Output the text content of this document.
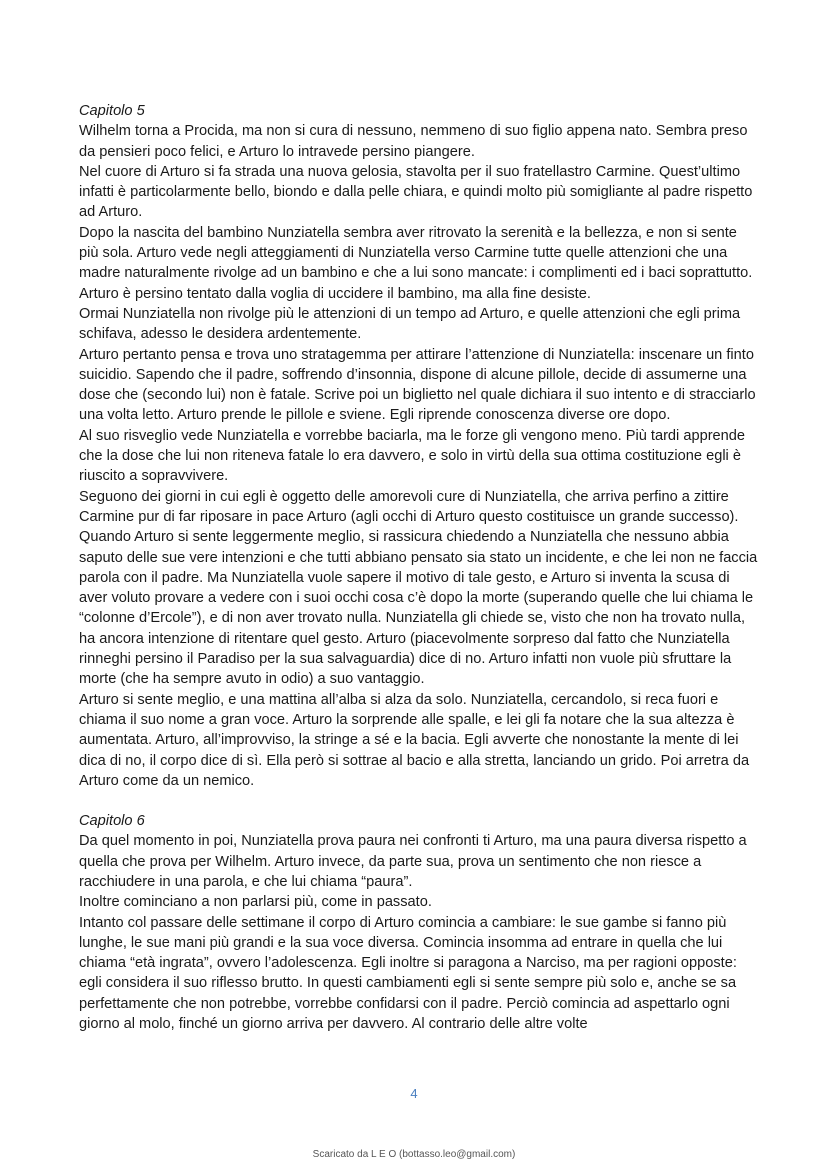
Capitolo 5

Wilhelm torna a Procida, ma non si cura di nessuno, nemmeno di suo figlio appena nato. Sembra preso da pensieri poco felici, e Arturo lo intravede persino piangere.

Nel cuore di Arturo si fa strada una nuova gelosia, stavolta per il suo fratellastro Carmine. Quest’ultimo infatti è particolarmente bello, biondo e dalla pelle chiara, e quindi molto più somigliante al padre rispetto ad Arturo.

Dopo la nascita del bambino Nunziatella sembra aver ritrovato la serenità e la bellezza, e non si sente più sola. Arturo vede negli atteggiamenti di Nunziatella verso Carmine tutte quelle attenzioni che una madre naturalmente rivolge ad un bambino e che a lui sono mancate: i complimenti ed i baci soprattutto. Arturo è persino tentato dalla voglia di uccidere il bambino, ma alla fine desiste.

Ormai Nunziatella non rivolge più le attenzioni di un tempo ad Arturo, e quelle attenzioni che egli prima schifava, adesso le desidera ardentemente.

Arturo pertanto pensa e trova uno stratagemma per attirare l’attenzione di Nunziatella: inscenare un finto suicidio. Sapendo che il padre, soffrendo d’insonnia, dispone di alcune pillole, decide di assumerne una dose che (secondo lui) non è fatale. Scrive poi un biglietto nel quale dichiara il suo intento e di stracciarlo una volta letto. Arturo prende le pillole e sviene. Egli riprende conoscenza diverse ore dopo.

Al suo risveglio vede Nunziatella e vorrebbe baciarla, ma le forze gli vengono meno. Più tardi apprende che la dose che lui non riteneva fatale lo era davvero, e solo in virtù della sua ottima costituzione egli è riuscito a sopravvivere.

Seguono dei giorni in cui egli è oggetto delle amorevoli cure di Nunziatella, che arriva perfino a zittire Carmine pur di far riposare in pace Arturo (agli occhi di Arturo questo costituisce un grande successo).

Quando Arturo si sente leggermente meglio, si rassicura chiedendo a Nunziatella che nessuno abbia saputo delle sue vere intenzioni e che tutti abbiano pensato sia stato un incidente, e che lei non ne faccia parola con il padre. Ma Nunziatella vuole sapere il motivo di tale gesto, e Arturo si inventa la scusa di aver voluto provare a vedere con i suoi occhi cosa c’è dopo la morte (superando quelle che lui chiama le “colonne d’Ercole”), e di non aver trovato nulla. Nunziatella gli chiede se, visto che non ha trovato nulla, ha ancora intenzione di ritentare quel gesto. Arturo (piacevolmente sorpreso dal fatto che Nunziatella rinneghi persino il Paradiso per la sua salvaguardia) dice di no. Arturo infatti non vuole più sfruttare la morte (che ha sempre avuto in odio) a suo vantaggio.

Arturo si sente meglio, e una mattina all’alba si alza da solo. Nunziatella, cercandolo, si reca fuori e chiama il suo nome a gran voce. Arturo la sorprende alle spalle, e lei gli fa notare che la sua altezza è aumentata. Arturo, all’improvviso, la stringe a sé e la bacia. Egli avverte che nonostante la mente di lei dica di no, il corpo dice di sì. Ella però si sottrae al bacio e alla stretta, lanciando un grido. Poi arretra da Arturo come da un nemico.

Capitolo 6

Da quel momento in poi, Nunziatella prova paura nei confronti ti Arturo, ma una paura diversa rispetto a quella che prova per Wilhelm. Arturo invece, da parte sua, prova un sentimento che non riesce a racchiudere in una parola, e che lui chiama “paura”.

Inoltre cominciano a non parlarsi più, come in passato.

Intanto col passare delle settimane il corpo di Arturo comincia a cambiare: le sue gambe si fanno più lunghe, le sue mani più grandi e la sua voce diversa. Comincia insomma ad entrare in quella che lui chiama “età ingrata”, ovvero l’adolescenza. Egli inoltre si paragona a Narciso, ma per ragioni opposte: egli considera il suo riflesso brutto. In questi cambiamenti egli si sente sempre più solo e, anche se sa perfettamente che non potrebbe, vorrebbe confidarsi con il padre. Perciò comincia ad aspettarlo ogni giorno al molo, finché un giorno arriva per davvero. Al contrario delle altre volte

4
Scaricato da L E O (bottasso.leo@gmail.com)
